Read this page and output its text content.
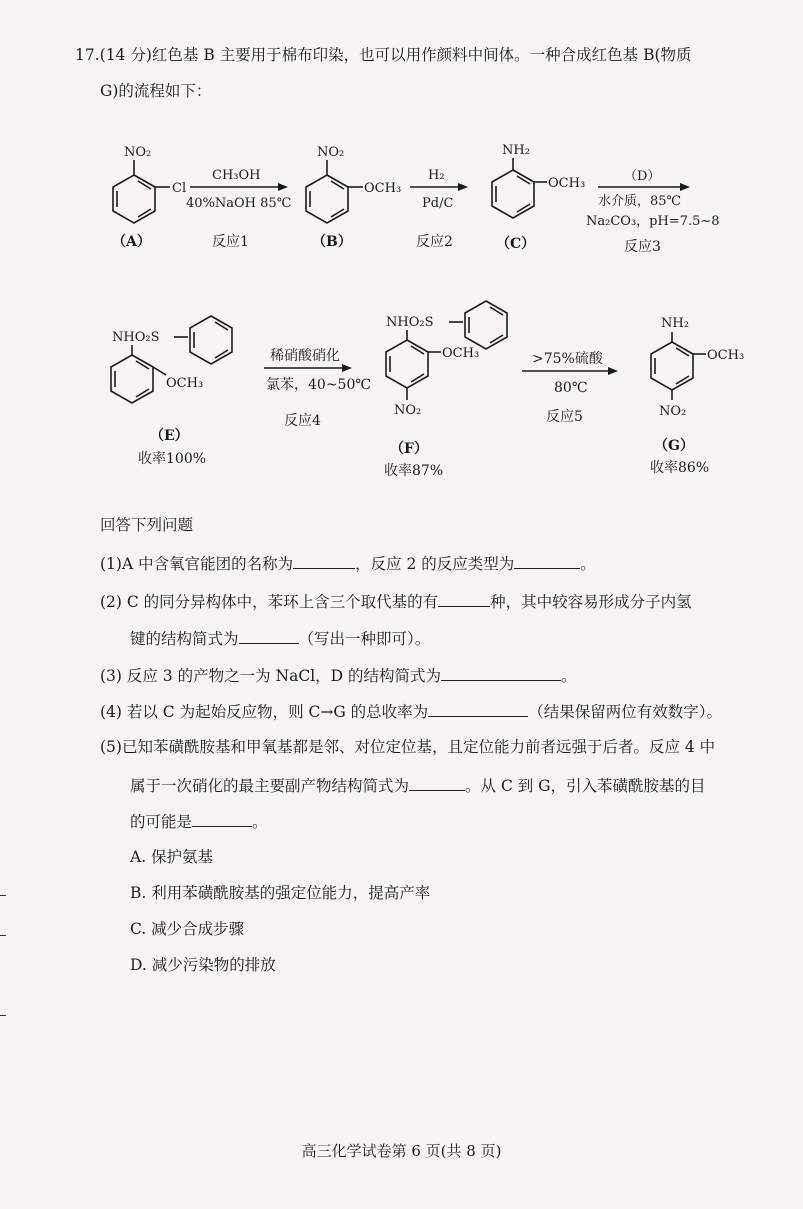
17.(14 分)红色基 B 主要用于棉布印染，也可以用作颜料中间体。一种合成红色基 B(物质
G)的流程如下：
NO₂
Cl
（A）
CH₃OH
40%NaOH 85℃
反应1
NO₂
OCH₃
（B）
H₂
Pd/C
反应2
NH₂
OCH₃
（C）
（D）
水介质，85℃
Na₂CO₃，pH=7.5~8
反应3
NHO₂S
OCH₃
（E）
收率100%
稀硝酸硝化
氯苯，40~50℃
反应4
NHO₂S
OCH₃
NO₂
（F）
收率87%
>75%硫酸
80℃
反应5
NH₂
OCH₃
NO₂
（G）
收率86%
回答下列问题
(1)A 中含氧官能团的名称为	，反应 2 的反应类型为	。
(2) C 的同分异构体中，苯环上含三个取代基的有	种，其中较容易形成分子内氢
键的结构简式为	（写出一种即可）。
(3) 反应 3 的产物之一为 NaCl，D 的结构简式为	。
(4) 若以 C 为起始反应物，则 C→G 的总收率为	（结果保留两位有效数字）。
(5)已知苯磺酰胺基和甲氧基都是邻、对位定位基，且定位能力前者远强于后者。反应 4 中
属于一次硝化的最主要副产物结构简式为	。从 C 到 G，引入苯磺酰胺基的目
的可能是	。
A. 保护氨基
B. 利用苯磺酰胺基的强定位能力，提高产率
C. 减少合成步骤
D. 减少污染物的排放
高三化学试卷第 6 页(共 8 页)
